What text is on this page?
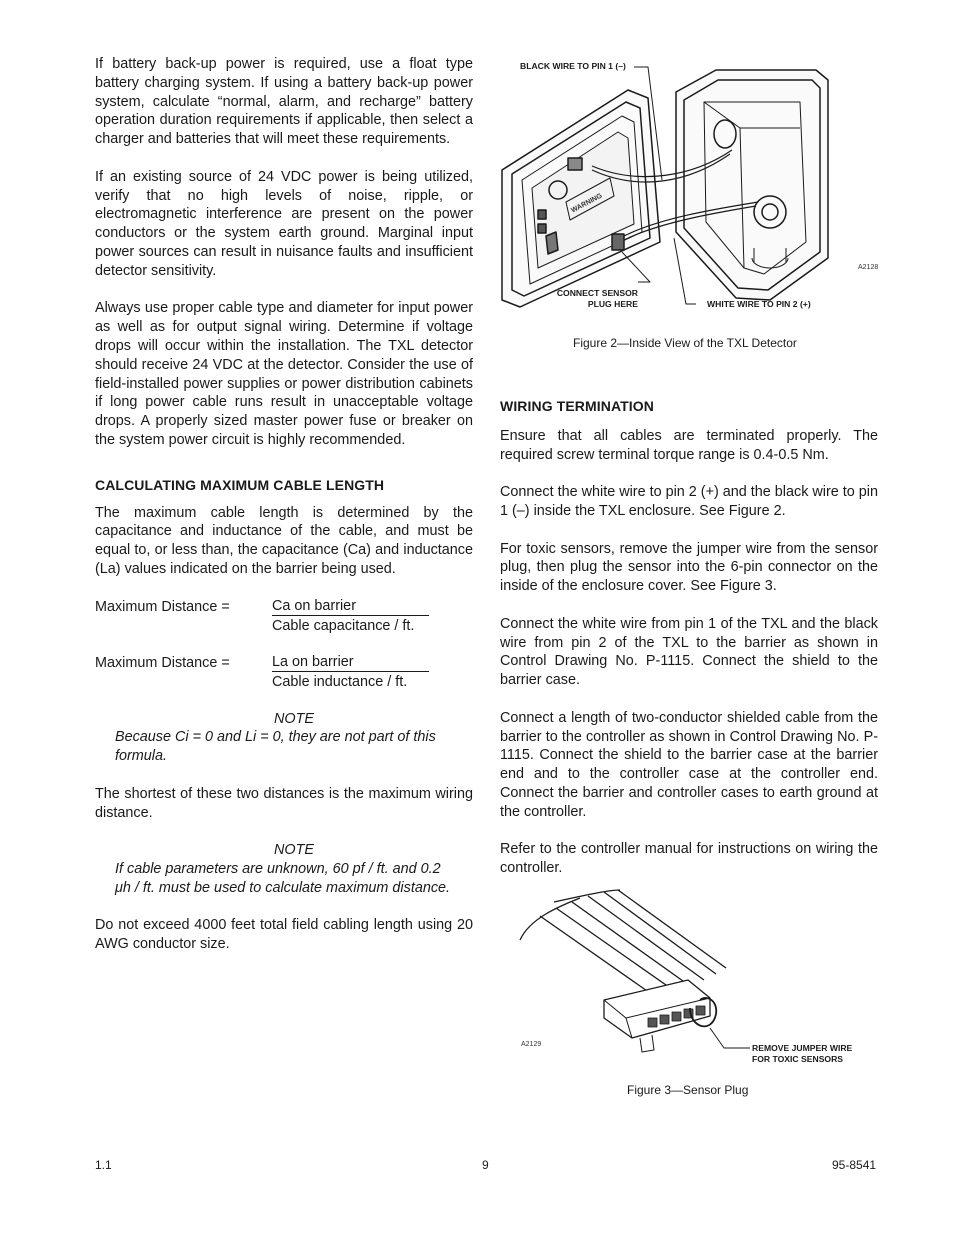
If battery back-up power is required, use a float type battery charging system. If using a battery back-up power system, calculate “normal, alarm, and recharge” battery operation duration requirements if applicable, then select a charger and batteries that will meet these requirements.

If an existing source of 24 VDC power is being utilized, verify that no high levels of noise, ripple, or electromagnetic interference are present on the power conductors or the system earth ground. Marginal input power sources can result in nuisance faults and insufficient detector sensitivity.

Always use proper cable type and diameter for input power as well as for output signal wiring. Determine if voltage drops will occur within the installation. The TXL detector should receive 24 VDC at the detector. Consider the use of field-installed power supplies or power distribution cabinets if long power cable runs result in unacceptable voltage drops. A properly sized master power fuse or breaker on the system power circuit is highly recommended.

CALCULATING MAXIMUM CABLE LENGTH

The maximum cable length is determined by the capacitance and inductance of the cable, and must be equal to, or less than, the capacitance (Ca) and inductance (La) values indicated on the barrier being used.

Maximum Distance =	Ca on barrier
Cable capacitance / ft.
Maximum Distance =	La on barrier
Cable inductance / ft.
NOTE
Because Ci = 0 and Li = 0, they are not part of this formula.

The shortest of these two distances is the maximum wiring distance.

NOTE
If cable parameters are unknown, 60 pf / ft. and 0.2 μh / ft. must be used to calculate maximum distance.

Do not exceed 4000 feet total field cabling length using 20 AWG conductor size.

BLACK WIRE TO PIN 1 (–)
CONNECT SENSOR
PLUG HERE	WHITE WIRE TO PIN 2 (+)
WARNING
A2128
Figure 2—Inside View of the TXL Detector
WIRING TERMINATION

Ensure that all cables are terminated properly. The required screw terminal torque range is 0.4-0.5 Nm.

Connect the white wire to pin 2 (+) and the black wire to pin 1 (–) inside the TXL enclosure. See Figure 2.

For toxic sensors, remove the jumper wire from the sensor plug, then plug the sensor into the 6-pin connector on the inside of the enclosure cover. See Figure 3.

Connect the white wire from pin 1 of the TXL and the black wire from pin 2 of the TXL to the barrier as shown in Control Drawing No. P-1115. Connect the shield to the barrier case.

Connect a length of two-conductor shielded cable from the barrier to the controller as shown in Control Drawing No. P-1115. Connect the shield to the barrier case at the barrier end and to the controller case at the controller end. Connect the barrier and controller cases to earth ground at the controller.

Refer to the controller manual for instructions on wiring the controller.

REMOVE JUMPER WIRE
FOR TOXIC SENSORS
A2129
Figure 3—Sensor Plug
1.1	9	95-8541
